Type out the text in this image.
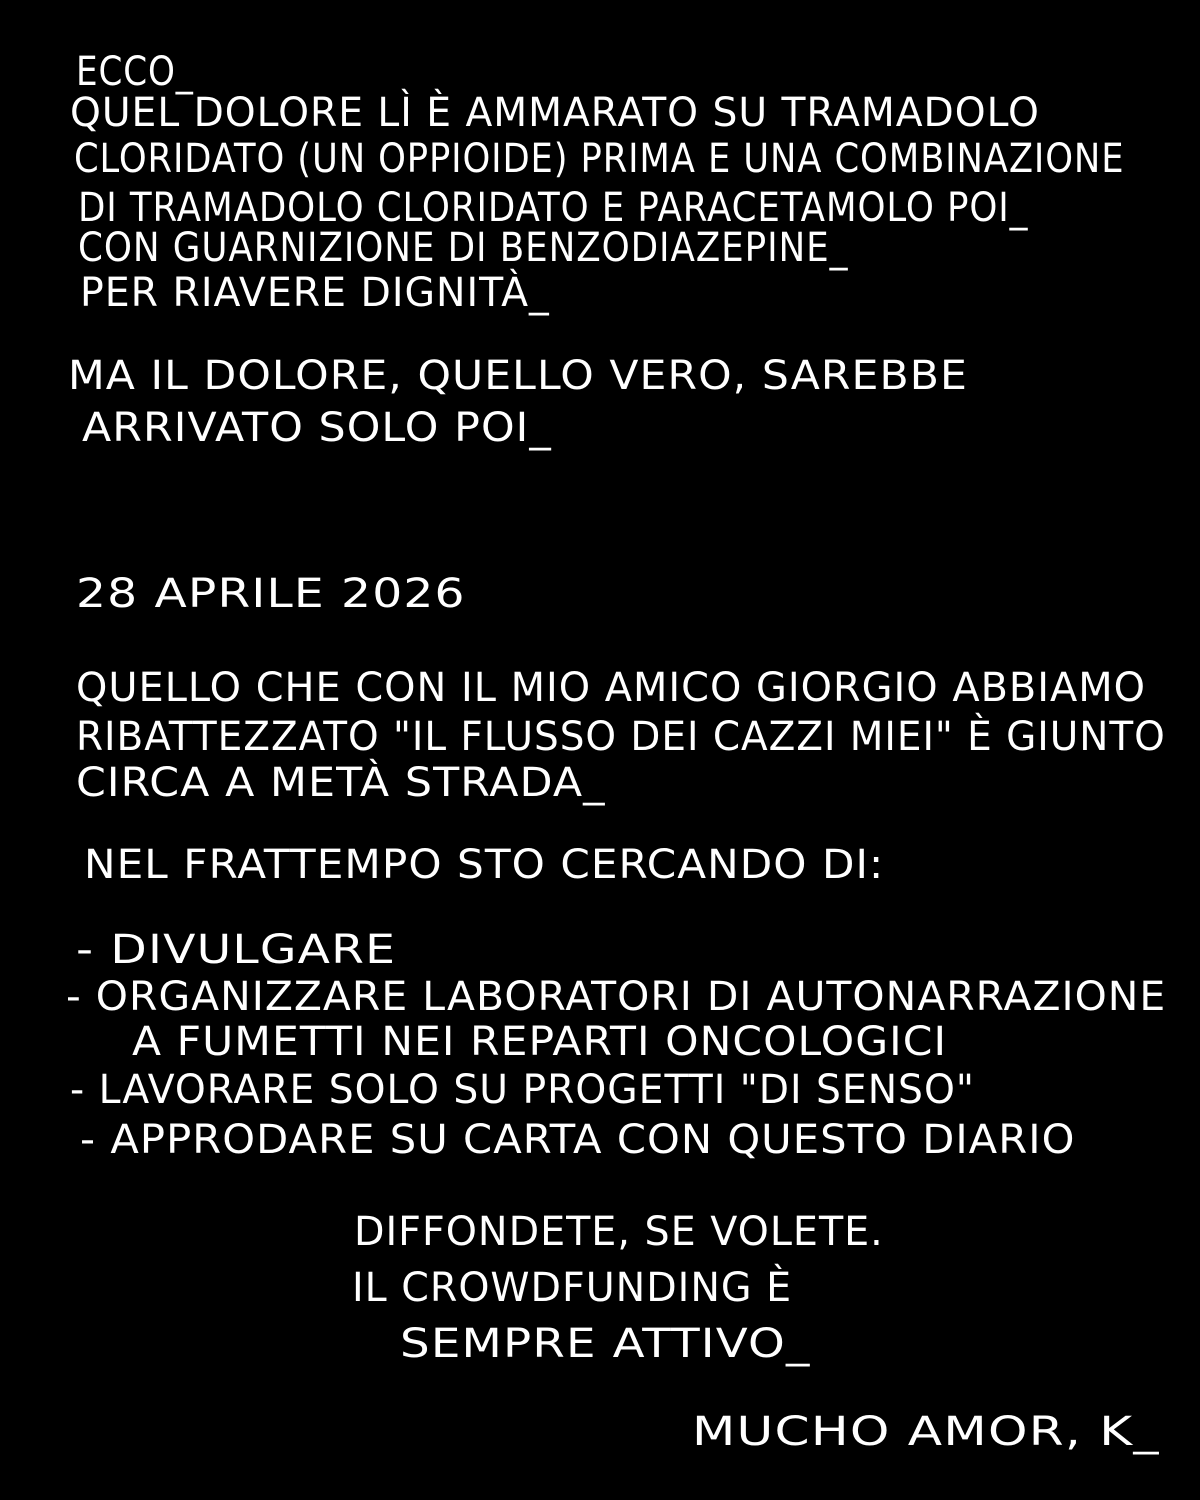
ECCO_
QUEL DOLORE LÌ È AMMARATO SU TRAMADOLO
CLORIDATO (UN OPPIOIDE) PRIMA E UNA COMBINAZIONE
DI TRAMADOLO CLORIDATO E PARACETAMOLO POI_
CON GUARNIZIONE DI BENZODIAZEPINE_
PER RIAVERE DIGNITÀ_
MA IL DOLORE, QUELLO VERO, SAREBBE
ARRIVATO SOLO POI_
28 APRILE 2026
QUELLO CHE CON IL MIO AMICO GIORGIO ABBIAMO
RIBATTEZZATO "IL FLUSSO DEI CAZZI MIEI" È GIUNTO
CIRCA A METÀ STRADA_
NEL FRATTEMPO STO CERCANDO DI:
- DIVULGARE
- ORGANIZZARE LABORATORI DI AUTONARRAZIONE
A FUMETTI NEI REPARTI ONCOLOGICI
- LAVORARE SOLO SU PROGETTI "DI SENSO"
- APPRODARE SU CARTA CON QUESTO DIARIO
DIFFONDETE, SE VOLETE.
IL CROWDFUNDING È
SEMPRE ATTIVO_
MUCHO AMOR, K_
